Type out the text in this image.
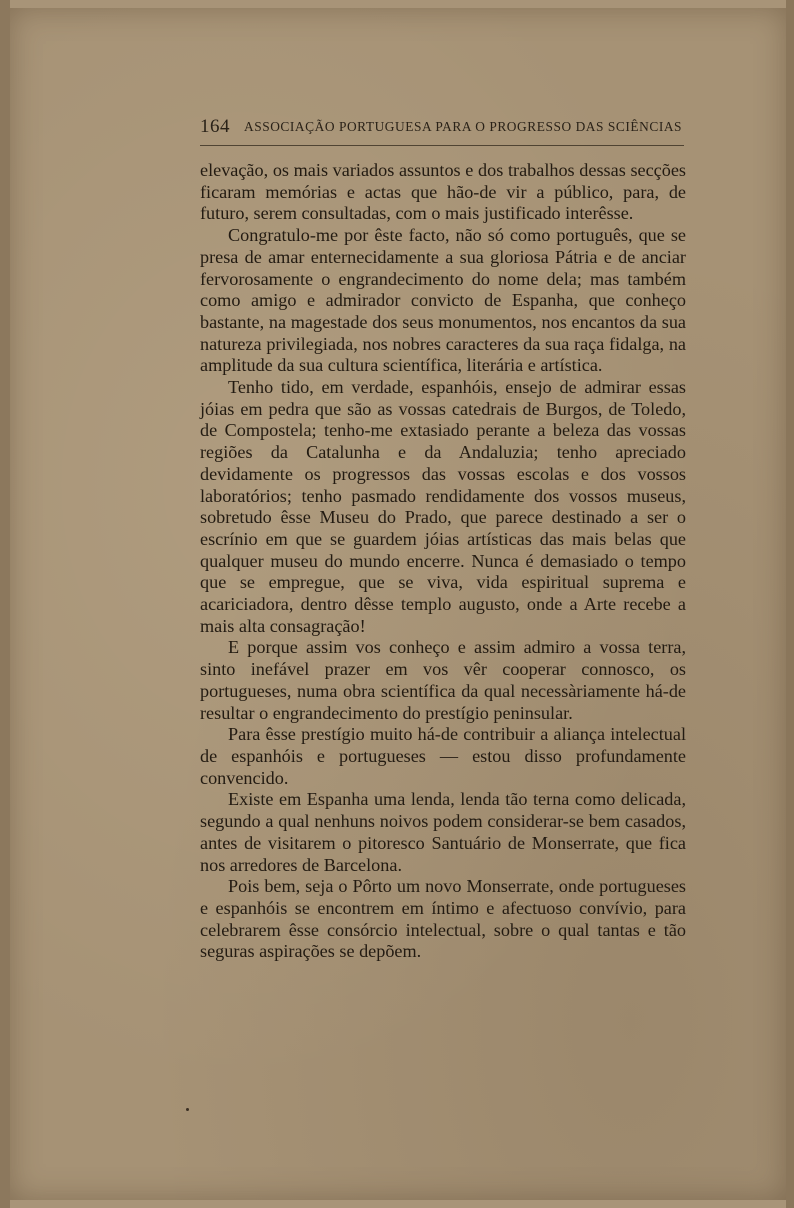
164 ASSOCIAÇÃO PORTUGUESA PARA O PROGRESSO DAS SCIÊNCIAS

elevação, os mais variados assuntos e dos trabalhos dessas secções ficaram memórias e actas que hão-de vir a público, para, de futuro, serem consultadas, com o mais justificado interêsse.

Congratulo-me por êste facto, não só como português, que se presa de amar enternecidamente a sua gloriosa Pátria e de anciar fervorosamente o engrandecimento do nome dela; mas também como amigo e admirador convicto de Espanha, que conheço bastante, na magestade dos seus monumentos, nos encantos da sua natureza privilegiada, nos nobres caracteres da sua raça fidalga, na amplitude da sua cultura scientífica, literária e artística.

Tenho tido, em verdade, espanhóis, ensejo de admirar essas jóias em pedra que são as vossas catedrais de Burgos, de Toledo, de Compostela; tenho-me extasiado perante a beleza das vossas regiões da Catalunha e da Andaluzia; tenho apreciado devidamente os progressos das vossas escolas e dos vossos laboratórios; tenho pasmado rendidamente dos vossos museus, sobretudo êsse Museu do Prado, que parece destinado a ser o escrínio em que se guardem jóias artísticas das mais belas que qualquer museu do mundo encerre. Nunca é demasiado o tempo que se empregue, que se viva, vida espiritual suprema e acariciadora, dentro dêsse templo augusto, onde a Arte recebe a mais alta consagração!

E porque assim vos conheço e assim admiro a vossa terra, sinto inefável prazer em vos vêr cooperar connosco, os portugueses, numa obra scientífica da qual necessàriamente há-de resultar o engrandecimento do prestígio peninsular.

Para êsse prestígio muito há-de contribuir a aliança intelectual de espanhóis e portugueses — estou disso profundamente convencido.

Existe em Espanha uma lenda, lenda tão terna como delicada, segundo a qual nenhuns noivos podem considerar-se bem casados, antes de visitarem o pitoresco Santuário de Monserrate, que fica nos arredores de Barcelona.

Pois bem, seja o Pôrto um novo Monserrate, onde portugueses e espanhóis se encontrem em íntimo e afectuoso convívio, para celebrarem êsse consórcio intelectual, sobre o qual tantas e tão seguras aspirações se depõem.
